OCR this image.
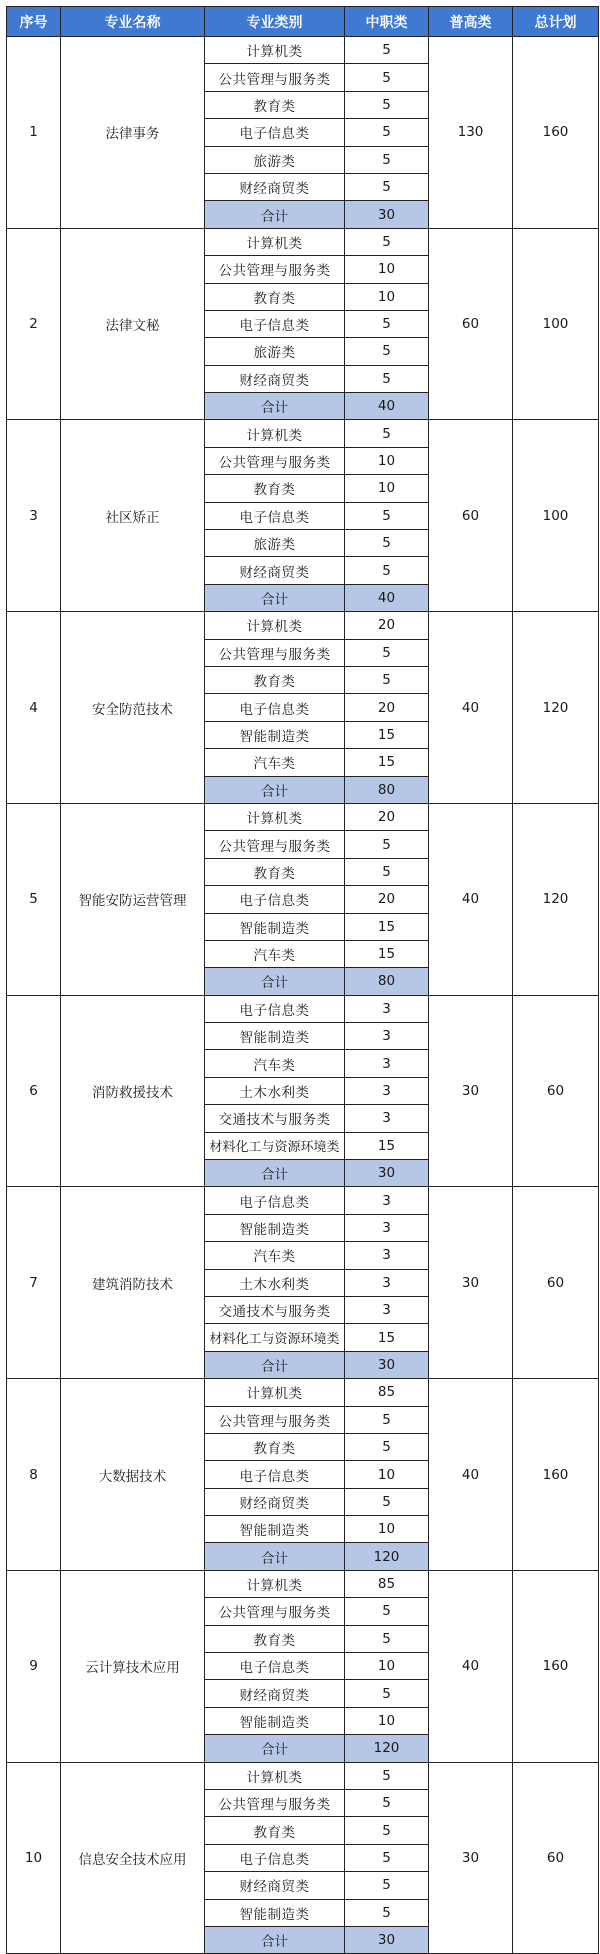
序号	专业名称	专业类别	中职类	普高类	总计划
1	法律事务	计算机类	5	130	160
		公共管理与服务类	5		
		教育类	5		
		电子信息类	5		
		旅游类	5		
		财经商贸类	5		
		合计	30		
2	法律文秘	计算机类	5	60	100
		公共管理与服务类	10		
		教育类	10		
		电子信息类	5		
		旅游类	5		
		财经商贸类	5		
		合计	40		
3	社区矫正	计算机类	5	60	100
		公共管理与服务类	10		
		教育类	10		
		电子信息类	5		
		旅游类	5		
		财经商贸类	5		
		合计	40		
4	安全防范技术	计算机类	20	40	120
		公共管理与服务类	5		
		教育类	5		
		电子信息类	20		
		智能制造类	15		
		汽车类	15		
		合计	80		
5	智能安防运营管理	计算机类	20	40	120
		公共管理与服务类	5		
		教育类	5		
		电子信息类	20		
		智能制造类	15		
		汽车类	15		
		合计	80		
6	消防救援技术	电子信息类	3	30	60
		智能制造类	3		
		汽车类	3		
		土木水利类	3		
		交通技术与服务类	3		
		材料化工与资源环境类	15		
		合计	30		
7	建筑消防技术	电子信息类	3	30	60
		智能制造类	3		
		汽车类	3		
		土木水利类	3		
		交通技术与服务类	3		
		材料化工与资源环境类	15		
		合计	30		
8	大数据技术	计算机类	85	40	160
		公共管理与服务类	5		
		教育类	5		
		电子信息类	10		
		财经商贸类	5		
		智能制造类	10		
		合计	120		
9	云计算技术应用	计算机类	85	40	160
		公共管理与服务类	5		
		教育类	5		
		电子信息类	10		
		财经商贸类	5		
		智能制造类	10		
		合计	120		
10	信息安全技术应用	计算机类	5	30	60
		公共管理与服务类	5		
		教育类	5		
		电子信息类	5		
		财经商贸类	5		
		智能制造类	5		
		合计	30		
